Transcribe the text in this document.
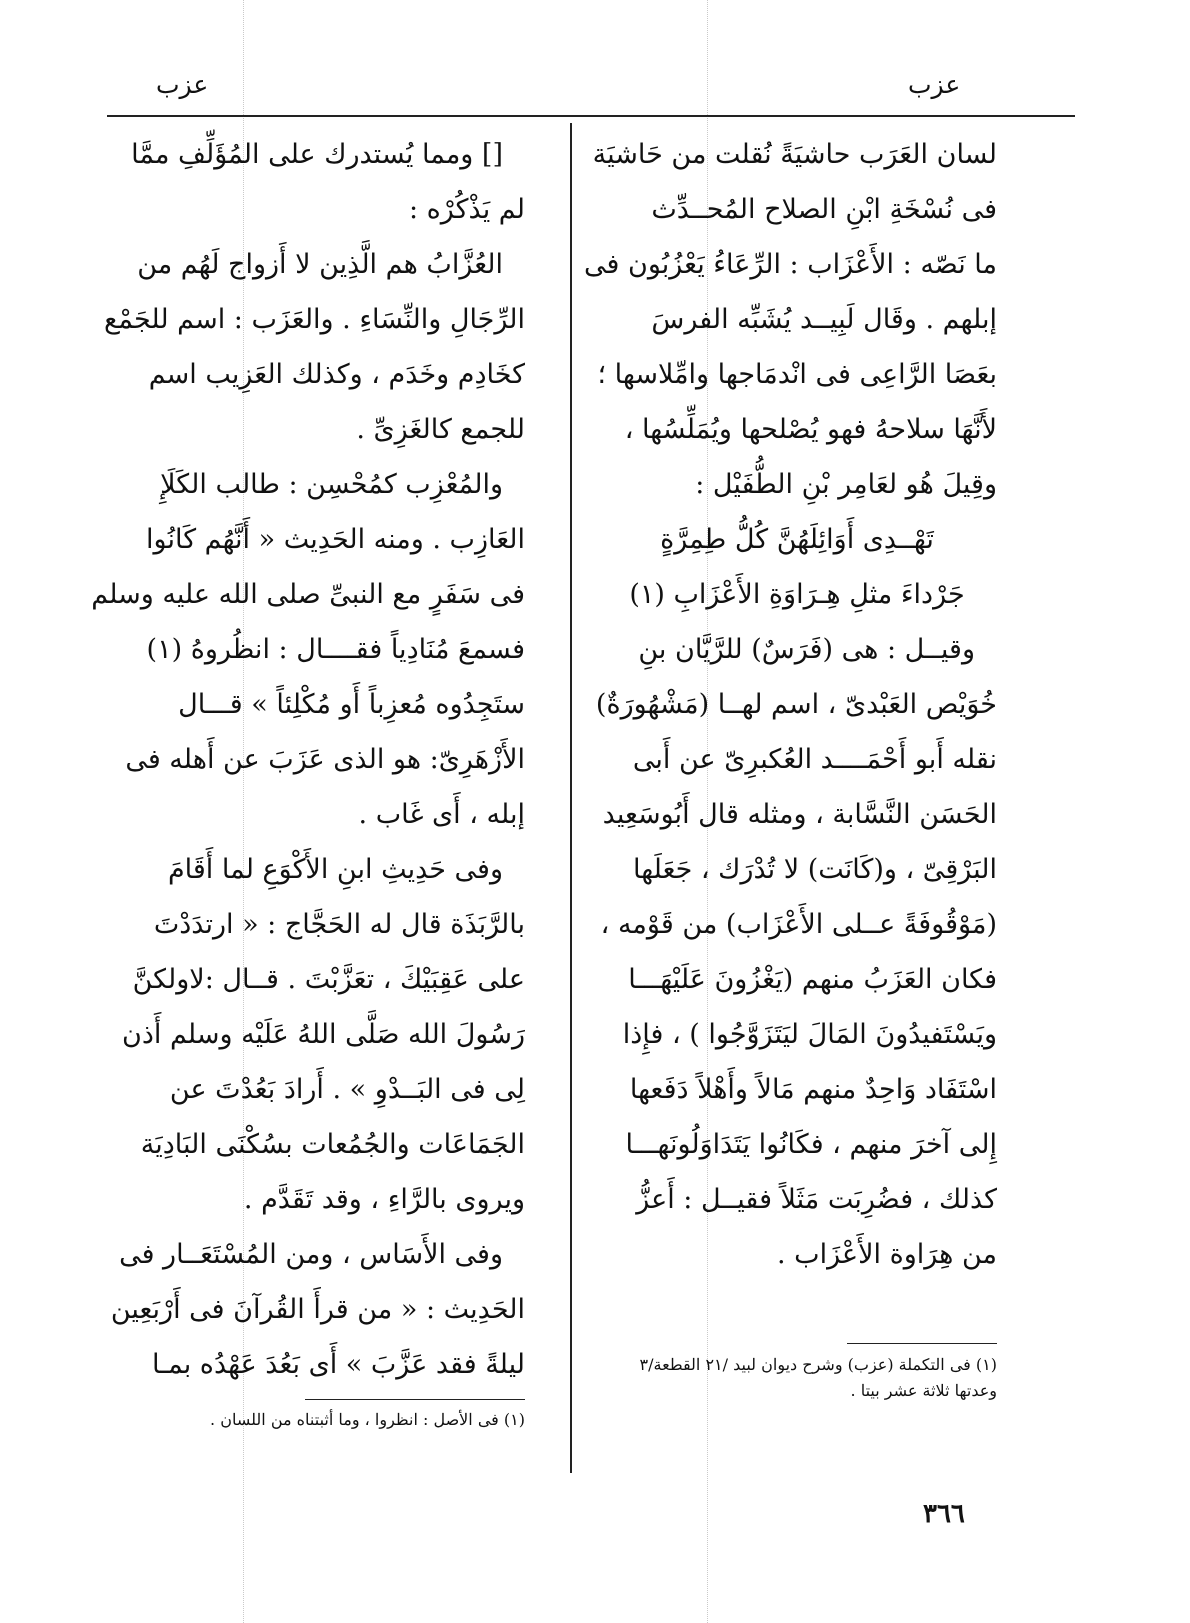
عزب
عزب

لسان العَرَب حاشيَةً نُقلت من حَاشيَة

فى نُسْخَةِ ابْنِ الصلاح المُحــدِّث

ما نَصّه : الأَعْزَاب : الرِّعَاءُ يَعْزُبُون فى

إبلهم . وقَال لَبِيــد يُشَبِّه الفرسَ

بعَصَا الرَّاعِى فى انْدمَاجها وامِّلاسها ؛

لأَنَّهَا سلاحهُ فهو يُصْلحها ويُمَلِّسُها ،

وقِيلَ هُو لعَامِر بْنِ الطُّفَيْل :

تَهْــدِى أَوَائِلَهُنَّ كُلُّ طِمِرَّةٍ

جَرْداءَ مثلِ هِـرَاوَةِ الأَعْزَابِ (١)

وقيــل : هى (فَرَسٌ) للرَّيَّان بنِ

خُوَيْص العَبْدىّ ، اسم لهــا (مَشْهُورَةٌ)

نقله أَبو أَحْمَــــد العُكبرِىّ عن أَبى

الحَسَن النَّسَّابة ، ومثله قال أَبُوسَعِيد

البَرْقِىّ ، و(كَانَت) لا تُدْرَك ، جَعَلَها

(مَوْقُوفَةً عــلى الأَعْزَاب) من قَوْمه ،

فكان العَزَبُ منهم (يَغْزُونَ عَلَيْهَـــا

ويَسْتَفيدُونَ المَالَ ليَتَزَوَّجُوا ) ، فإِذا

اسْتَفَاد وَاحِدٌ منهم مَالاً وأَهْلاً دَفَعها

إِلى آخرَ منهم ، فكَانُوا يَتَدَاوَلُونَهـــا

كذلك ، فضُرِبَت مَثَلاً فقيــل : أَعزُّ

من هِرَاوة الأَعْزَاب .

(١) فى التكملة (عزب) وشرح ديوان لبيد /٢١ القطعة/٣

وعدتها ثلاثة عشر بيتا .

[] ومما يُستدرك على المُؤَلِّفِ ممَّا

لم يَذْكُرْه :

العُزَّابُ هم الَّذِين لا أَزواج لَهُم من

الرِّجَالِ والنِّسَاءِ . والعَزَب : اسم للجَمْع

كخَادِم وخَدَم ، وكذلك العَزِيب اسم

للجمع كالغَزِىِّ .

والمُعْزِب كمُحْسِن : طالب الكَلَإِ

العَازِب . ومنه الحَدِيث « أَنَّهُم كَانُوا

فى سَفَرٍ مع النبىِّ صلى الله عليه وسلم

فسمعَ مُنَادِياً فقــــال : انظُروهُ (١)

ستَجِدُوه مُعزِباً أَو مُكْلِئاً » قـــال

الأَزْهَرِىّ: هو الذى عَزَبَ عن أَهله فى

إبله ، أَى غَاب .

وفى حَدِيثِ ابنِ الأَكْوَعِ لما أَقَامَ

بالرَّبَذَة قال له الحَجَّاج : « ارتدَدْتَ

على عَقِبَيْكَ ، تعَزَّبْتَ . قــال :لاولكنَّ

رَسُولَ الله صَلَّى اللهُ عَلَيْه وسلم أَذن

لِى فى البَــدْوِ » . أَرادَ بَعُدْتَ عن

الجَمَاعَات والجُمُعات بسُكْنَى البَادِيَة

ويروى بالرَّاءِ ، وقد تَقَدَّم .

وفى الأَسَاس ، ومن المُسْتَعَــار فى

الحَدِيث : « من قرأَ القُرآنَ فى أَرْبَعِين

ليلةً فقد عَزَّبَ » أَى بَعُدَ عَهْدُه بمـا

(١) فى الأصل : انظروا ، وما أثبتناه من اللسان .

٣٦٦
